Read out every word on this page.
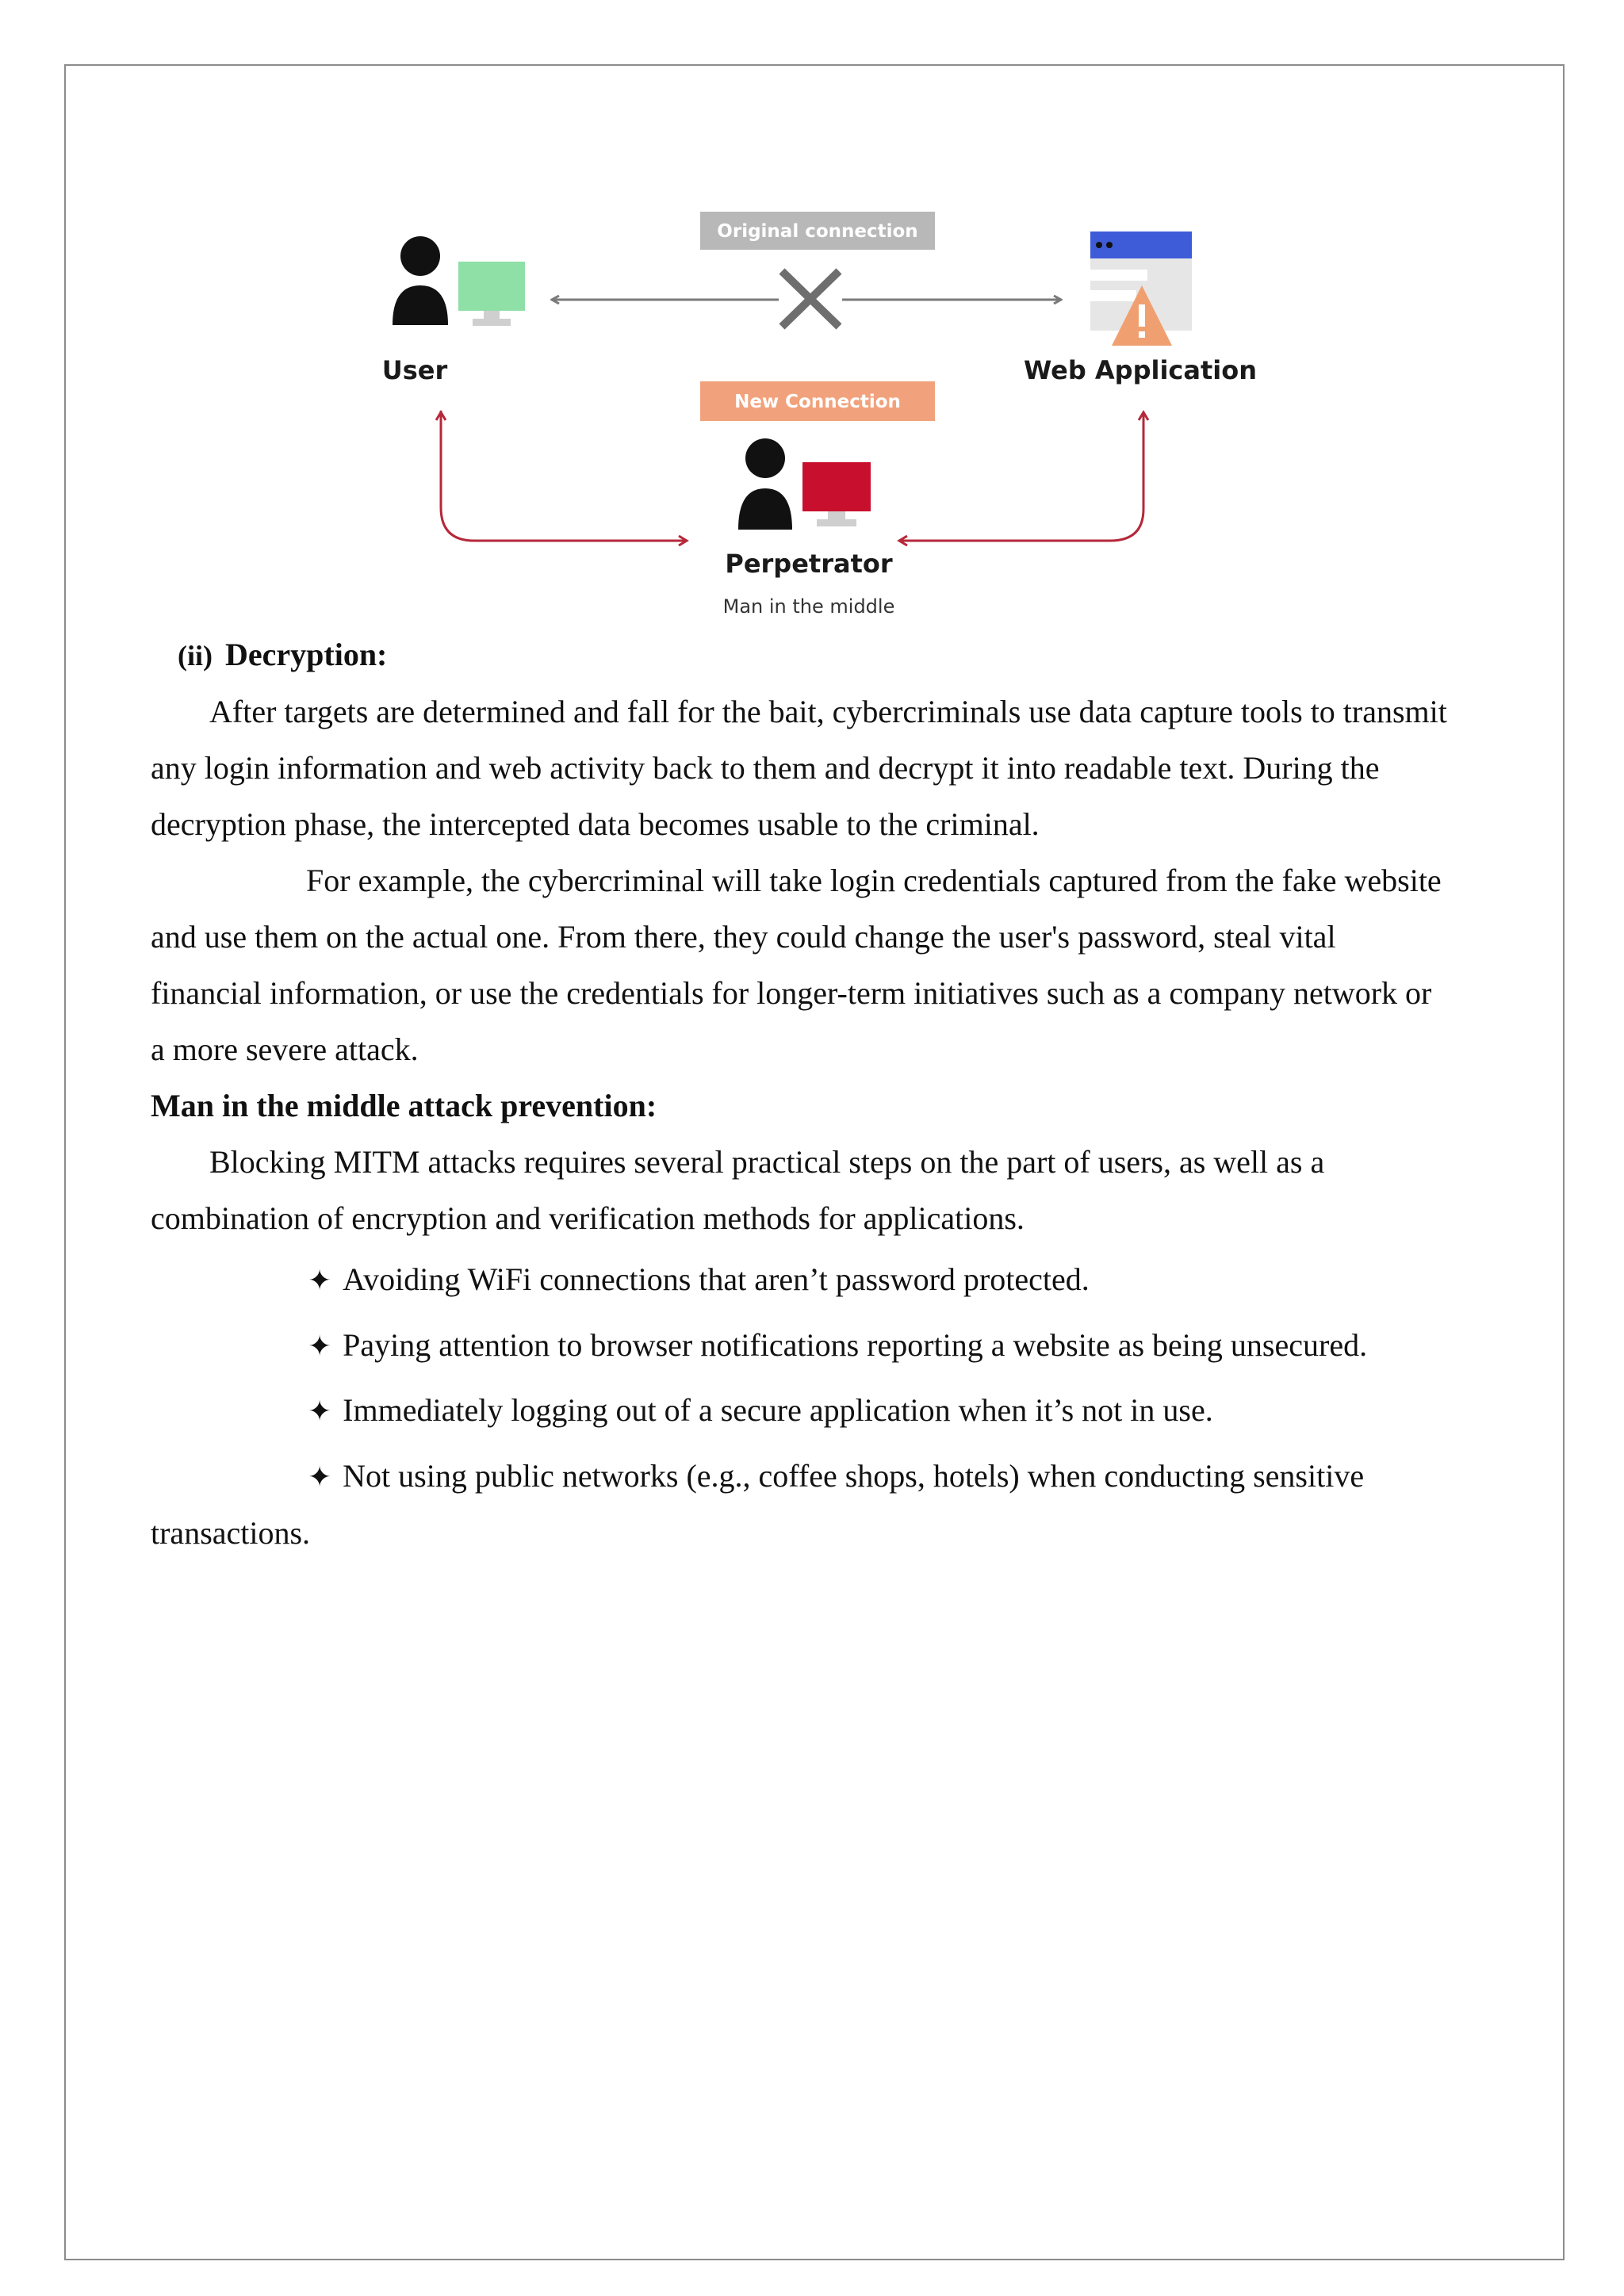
User
Original connection
Web Application
New Connection
Perpetrator
Man in the middle
(ii) Decryption:
After targets are determined and fall for the bait, cybercriminals use data capture tools to transmit
any login information and web activity back to them and decrypt it into readable text. During the
decryption phase, the intercepted data becomes usable to the criminal.
For example, the cybercriminal will take login credentials captured from the fake website
and use them on the actual one. From there, they could change the user's password, steal vital
financial information, or use the credentials for longer-term initiatives such as a company network or
a more severe attack.
Man in the middle attack prevention:
Blocking MITM attacks requires several practical steps on the part of users, as well as a
combination of encryption and verification methods for applications.
✦ Avoiding WiFi connections that aren’t password protected.
✦ Paying attention to browser notifications reporting a website as being unsecured.
✦ Immediately logging out of a secure application when it’s not in use.
✦ Not using public networks (e.g., coffee shops, hotels) when conducting sensitive
transactions.
